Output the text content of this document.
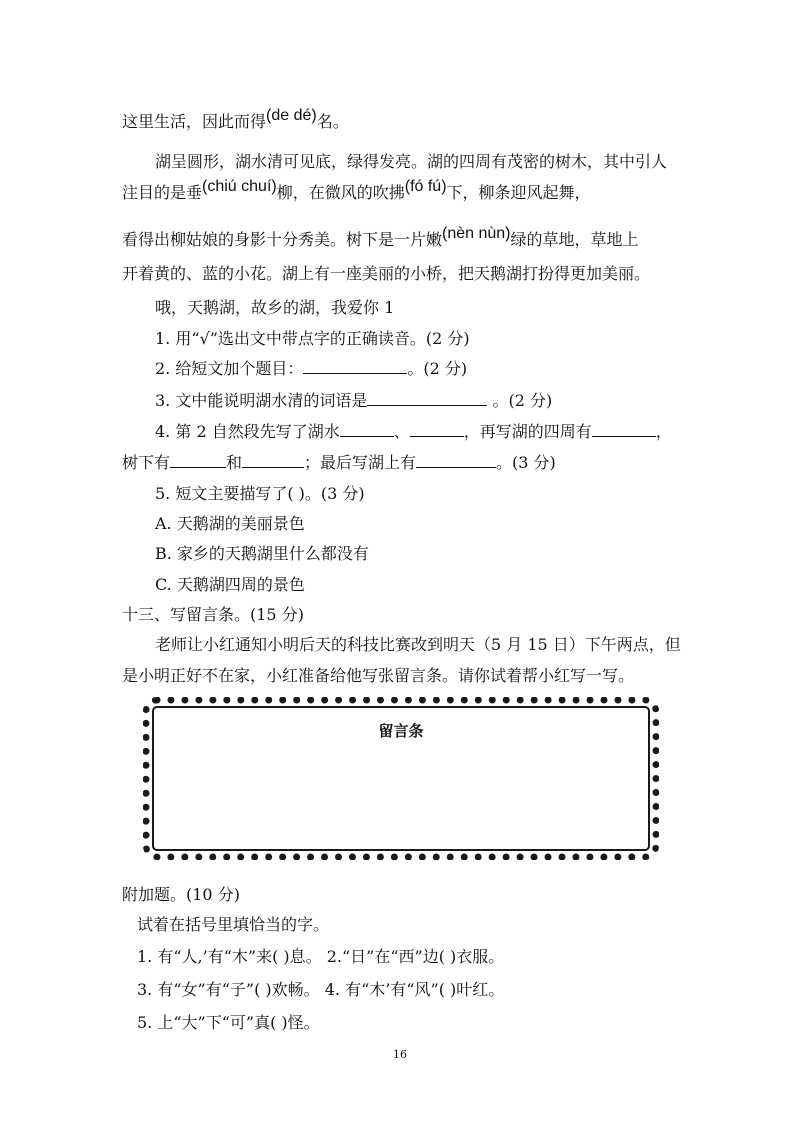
这里生活，因此而得(de dé)名。
湖呈圆形，湖水清可见底，绿得发亮。湖的四周有茂密的树木，其中引人
注目的是垂(chiú chuí)柳，在微风的吹拂(fó fú)下，柳条迎风起舞，
看得出柳姑娘的身影十分秀美。树下是一片嫩(nèn nùn)绿的草地，草地上
开着黄的、蓝的小花。湖上有一座美丽的小桥，把天鹅湖打扮得更加美丽。
哦，天鹅湖，故乡的湖，我爱你 1
1. 用“√”选出文中带点字的正确读音。(2 分)
2. 给短文加个题目：	。(2 分)
3. 文中能说明湖水清的词语是	。(2 分)
4. 第 2 自然段先写了湖水	、	，再写湖的四周有	，
树下有	和	；最后写湖上有	。(3 分)
5. 短文主要描写了( )。(3 分)
A. 天鹅湖的美丽景色
B. 家乡的天鹅湖里什么都没有
C. 天鹅湖四周的景色
十三、写留言条。(15 分)
老师让小红通知小明后天的科技比赛改到明天（5 月 15 日）下午两点，但
是小明正好不在家，小红准备给他写张留言条。请你试着帮小红写一写。
留言条
附加题。(10 分)
试着在括号里填恰当的字。
1. 有“人,’有“木”来( )息。 2.“日”在“西”边( )衣服。
3. 有“女”有“子”( )欢畅。 4. 有“木’有“风”( )叶红。
5. 上“大”下“可”真( )怪。
16
